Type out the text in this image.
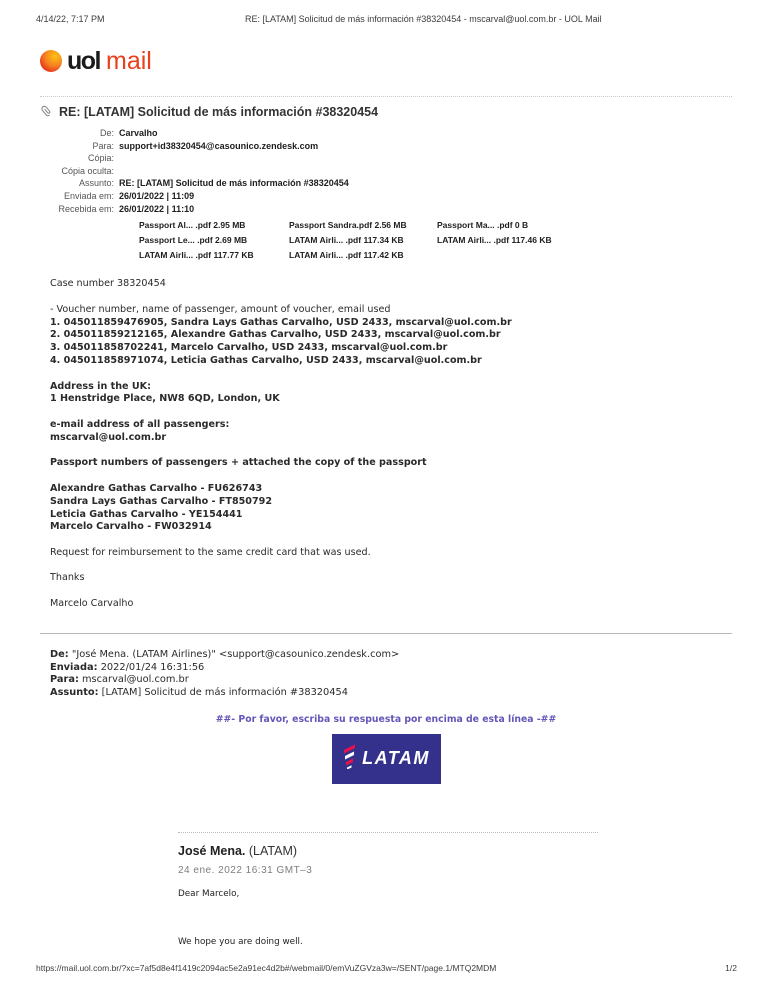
4/14/22, 7:17 PM	RE: [LATAM] Solicitud de más información #38320454 - mscarval@uol.com.br - UOL Mail
uol mail
RE: [LATAM] Solicitud de más información #38320454
De: Carvalho
Para: support+id38320454@casounico.zendesk.com
Cópia:
Cópia oculta:
Assunto: RE: [LATAM] Solicitud de más información #38320454
Enviada em: 26/01/2022 | 11:09
Recebida em: 26/01/2022 | 11:10
Passport Al... .pdf 2.95 MB	Passport Sandra.pdf 2.56 MB	Passport Ma... .pdf 0 B
Passport Le... .pdf 2.69 MB	LATAM Airli... .pdf 117.34 KB	LATAM Airli... .pdf 117.46 KB
LATAM Airli... .pdf 117.77 KB	LATAM Airli... .pdf 117.42 KB
Case number 38320454
- Voucher number, name of passenger, amount of voucher, email used
1. 045011859476905, Sandra Lays Gathas Carvalho, USD 2433, mscarval@uol.com.br
2. 045011859212165, Alexandre Gathas Carvalho, USD 2433, mscarval@uol.com.br
3. 045011858702241, Marcelo Carvalho, USD 2433, mscarval@uol.com.br
4. 045011858971074, Leticia Gathas Carvalho, USD 2433, mscarval@uol.com.br
Address in the UK:
1 Henstridge Place, NW8 6QD, London, UK
e-mail address of all passengers:
mscarval@uol.com.br
Passport numbers of passengers + attached the copy of the passport
Alexandre Gathas Carvalho - FU626743
Sandra Lays Gathas Carvalho - FT850792
Leticia Gathas Carvalho - YE154441
Marcelo Carvalho - FW032914
Request for reimbursement to the same credit card that was used.
Thanks
Marcelo Carvalho
De: "José Mena. (LATAM Airlines)" <support@casounico.zendesk.com>
Enviada: 2022/01/24 16:31:56
Para: mscarval@uol.com.br
Assunto: [LATAM] Solicitud de más información #38320454
##- Por favor, escriba su respuesta por encima de esta línea -##
LATAM
José Mena. (LATAM)
24 ene. 2022 16:31 GMT–3
Dear Marcelo,
We hope you are doing well.
https://mail.uol.com.br/?xc=7af5d8e4f1419c2094ac5e2a91ec4d2b#/webmail/0/emVuZGVza3w=/SENT/page.1/MTQ2MDM	1/2
